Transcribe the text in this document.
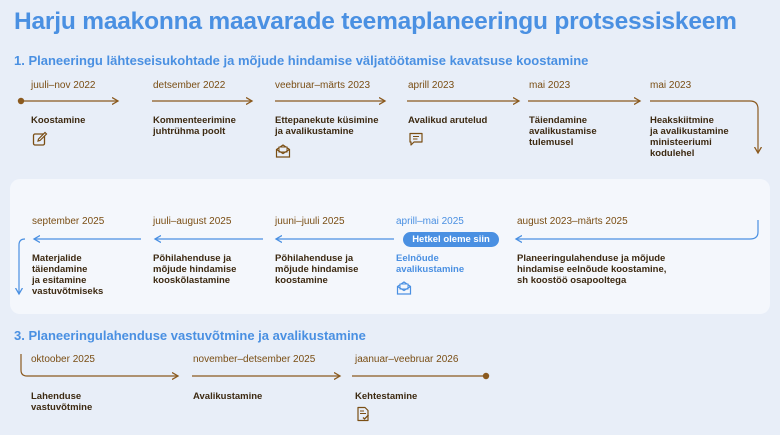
Harju maakonna maavarade teemaplaneeringu protsessiskeem
1. Planeeringu lähteseisukohtade ja mõjude hindamise väljatöötamise kavatsuse koostamine
juuli–nov 2022
Koostamine
detsember 2022
Kommenteerimine
juhtrühma poolt
veebruar–märts 2023
Ettepanekute küsimine
ja avalikustamine
aprill 2023
Avalikud arutelud
mai 2023
Täiendamine
avalikustamise
tulemusel
mai 2023
Heakskiitmine
ja avalikustamine
ministeeriumi
kodulehel
august 2023–märts 2025
Planeeringulahenduse ja mõjude
hindamise eelnõude koostamine,
sh koostöö osapooltega
aprill–mai 2025
Hetkel oleme siin
Eelnõude
avalikustamine
juuni–juuli 2025
Põhilahenduse ja
mõjude hindamise
koostamine
juuli–august 2025
Põhilahenduse ja
mõjude hindamise
kooskõlastamine
september 2025
Materjalide
täiendamine
ja esitamine
vastuvõtmiseks
3. Planeeringulahenduse vastuvõtmine ja avalikustamine
oktoober 2025
Lahenduse
vastuvõtmine
november–detsember 2025
Avalikustamine
jaanuar–veebruar 2026
Kehtestamine
